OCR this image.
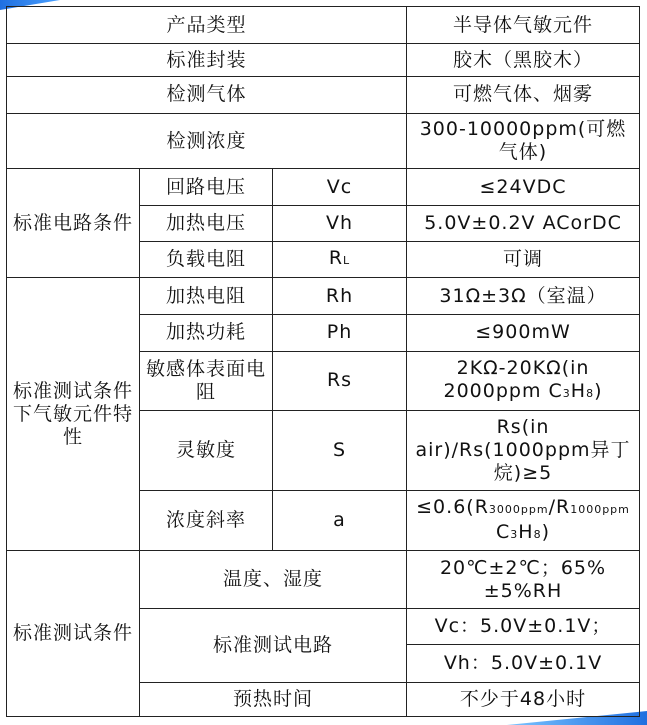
产品类型			半导体气敏元件
标准封装			胶木（黑胶木）
检测气体			可燃气体、烟雾
检测浓度			300-10000ppm(可燃气体)
标准电路条件	回路电压	Vc	≤24VDC
	加热电压	Vh	5.0V±0.2V ACorDC
	负载电阻	RL	可调
标准测试条件下气敏元件特性	加热电阻	Rh	31Ω±3Ω（室温）
	加热功耗	Ph	≤900mW
	敏感体表面电阻	Rs	2KΩ-20KΩ(in 2000ppm C3H8)
	灵敏度	S	Rs(in air)/Rs(1000ppm异丁烷)≥5
	浓度斜率	a	≤0.6(R3000ppm/R1000ppm C3H8)
标准测试条件	温度、湿度		20℃±2℃；65%±5%RH
	标准测试电路		Vc：5.0V±0.1V；
			Vh：5.0V±0.1V
	预热时间		不少于48小时
